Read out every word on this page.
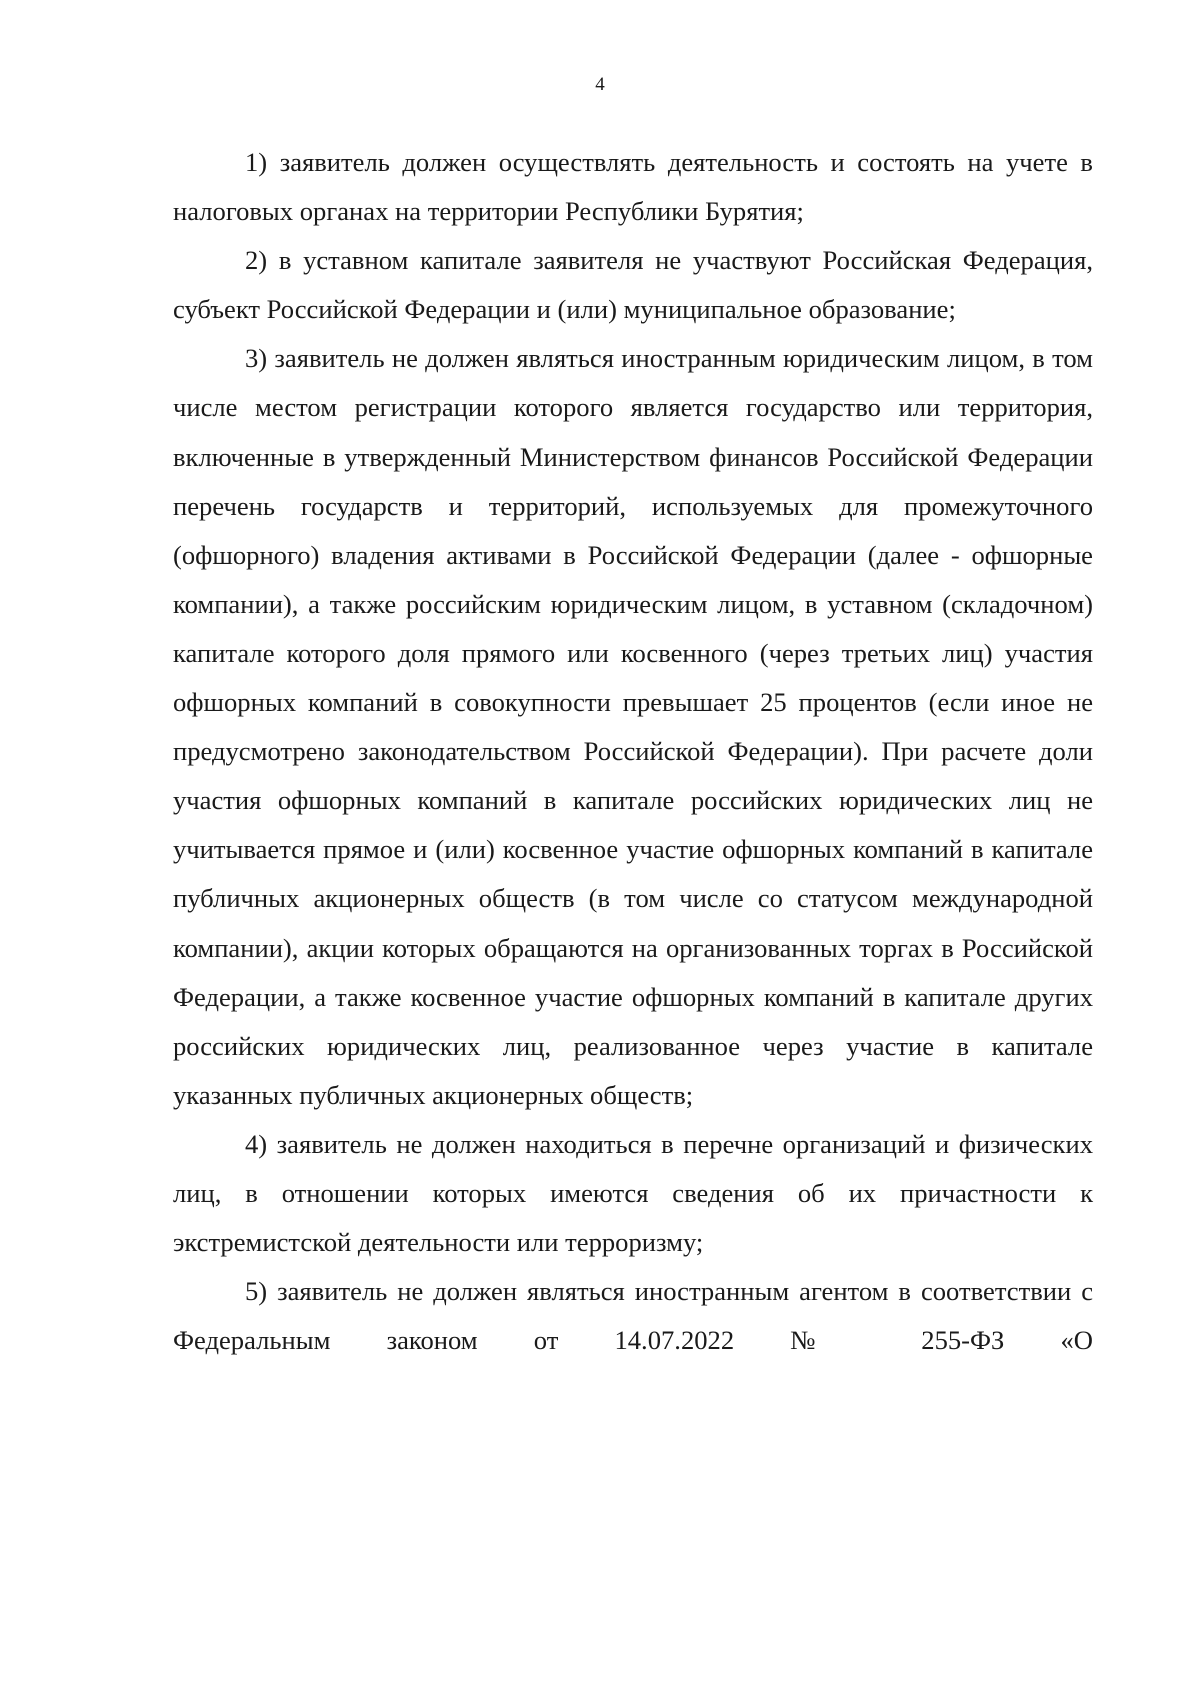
4

1) заявитель должен осуществлять деятельность и состоять на учете в налоговых органах на территории Республики Бурятия;

2) в уставном капитале заявителя не участвуют Российская Федерация, субъект Российской Федерации и (или) муниципальное образование;

3) заявитель не должен являться иностранным юридическим лицом, в том числе местом регистрации которого является государство или территория, включенные в утвержденный Министерством финансов Российской Федерации перечень государств и территорий, используемых для промежуточного (офшорного) владения активами в Российской Федерации (далее - офшорные компании), а также российским юридическим лицом, в уставном (складочном) капитале которого доля прямого или косвенного (через третьих лиц) участия офшорных компаний в совокупности превышает 25 процентов (если иное не предусмотрено законодательством Российской Федерации). При расчете доли участия офшорных компаний в капитале российских юридических лиц не учитывается прямое и (или) косвенное участие офшорных компаний в капитале публичных акционерных обществ (в том числе со статусом международной компании), акции которых обращаются на организованных торгах в Российской Федерации, а также косвенное участие офшорных компаний в капитале других российских юридических лиц, реализованное через участие в капитале указанных публичных акционерных обществ;

4) заявитель не должен находиться в перечне организаций и физических лиц, в отношении которых имеются сведения об их причастности к экстремистской деятельности или терроризму;

5) заявитель не должен являться иностранным агентом в соответствии с Федеральным законом от 14.07.2022 № 255-ФЗ «О
